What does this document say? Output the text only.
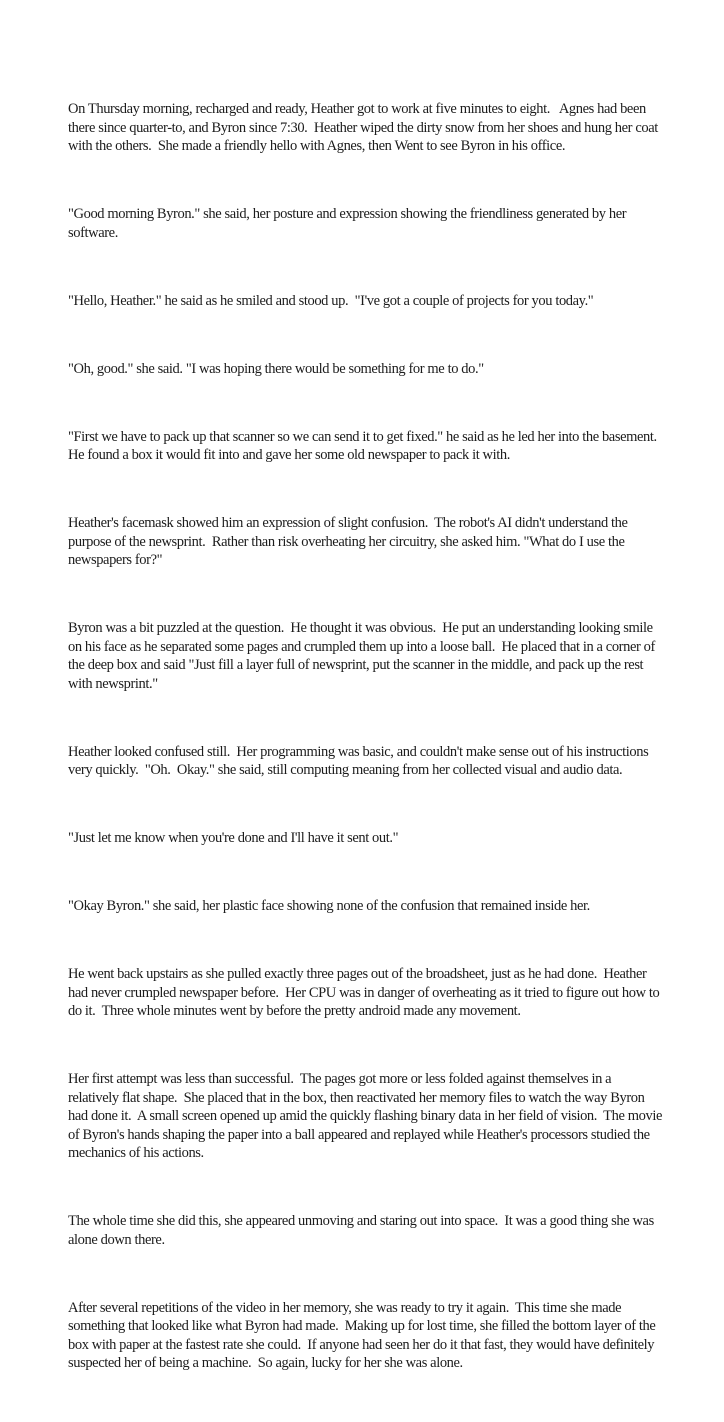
On Thursday morning, recharged and ready, Heather got to work at five minutes to eight.   Agnes had been there since quarter-to, and Byron since 7:30.  Heather wiped the dirty snow from her shoes and hung her coat with the others.  She made a friendly hello with Agnes, then Went to see Byron in his office.

"Good morning Byron." she said, her posture and expression showing the friendliness generated by her software.

"Hello, Heather." he said as he smiled and stood up.  "I've got a couple of projects for you today."

"Oh, good." she said. "I was hoping there would be something for me to do."

"First we have to pack up that scanner so we can send it to get fixed." he said as he led her into the basement.  He found a box it would fit into and gave her some old newspaper to pack it with.

Heather's facemask showed him an expression of slight confusion.  The robot's AI didn't understand the purpose of the newsprint.  Rather than risk overheating her circuitry, she asked him. "What do I use the newspapers for?"

Byron was a bit puzzled at the question.  He thought it was obvious.  He put an understanding looking smile on his face as he separated some pages and crumpled them up into a loose ball.  He placed that in a corner of the deep box and said "Just fill a layer full of newsprint, put the scanner in the middle, and pack up the rest with newsprint."

Heather looked confused still.  Her programming was basic, and couldn't make sense out of his instructions very quickly.  "Oh.  Okay." she said, still computing meaning from her collected visual and audio data.

"Just let me know when you're done and I'll have it sent out."

"Okay Byron." she said, her plastic face showing none of the confusion that remained inside her.

He went back upstairs as she pulled exactly three pages out of the broadsheet, just as he had done.  Heather had never crumpled newspaper before.  Her CPU was in danger of overheating as it tried to figure out how to do it.  Three whole minutes went by before the pretty android made any movement.

Her first attempt was less than successful.  The pages got more or less folded against themselves in a relatively flat shape.  She placed that in the box, then reactivated her memory files to watch the way Byron had done it.  A small screen opened up amid the quickly flashing binary data in her field of vision.  The movie of Byron's hands shaping the paper into a ball appeared and replayed while Heather's processors studied the mechanics of his actions.

The whole time she did this, she appeared unmoving and staring out into space.  It was a good thing she was alone down there.

After several repetitions of the video in her memory, she was ready to try it again.  This time she made something that looked like what Byron had made.  Making up for lost time, she filled the bottom layer of the box with paper at the fastest rate she could.  If anyone had seen her do it that fast, they would have definitely suspected her of being a machine.  So again, lucky for her she was alone.
